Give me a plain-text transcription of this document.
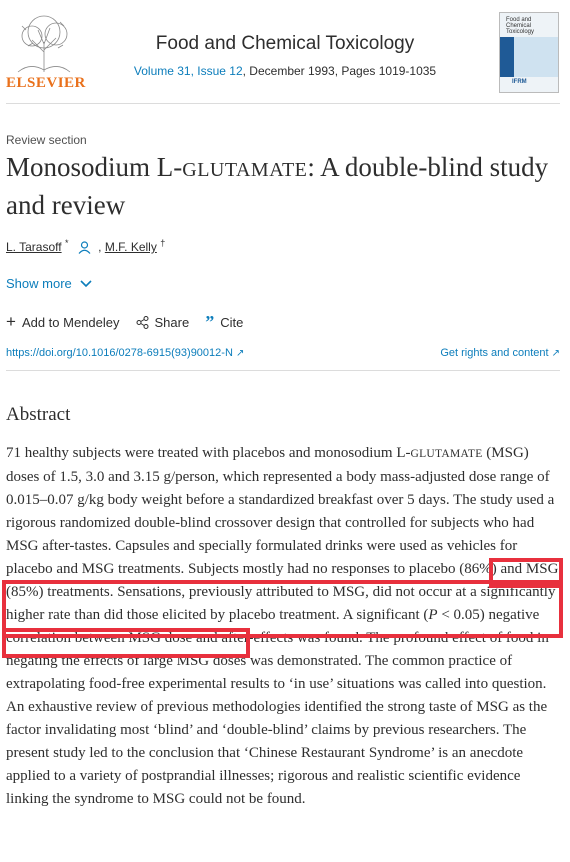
ELSEVIER
Food and Chemical Toxicology
Volume 31, Issue 12, December 1993, Pages 1019-1035
Food and Chemical Toxicology
IFRM
Review section
Monosodium L-GLUTAMATE: A double-blind study and review
L. Tarasoff * , M.F. Kelly †
Show more
+ Add to Mendeley	Share ” Cite
https://doi.org/10.1016/0278-6915(93)90012-N ↗	Get rights and content ↗
Abstract
71 healthy subjects were treated with placebos and monosodium L-GLUTAMATE (MSG) doses of 1.5, 3.0 and 3.15 g/person, which represented a body mass-adjusted dose range of 0.015–0.07 g/kg body weight before a standardized breakfast over 5 days. The study used a rigorous randomized double-blind crossover design that controlled for subjects who had MSG after-tastes. Capsules and specially formulated drinks were used as vehicles for placebo and MSG treatments. Subjects mostly had no responses to placebo (86%) and MSG (85%) treatments. Sensations, previously attributed to MSG, did not occur at a significantly higher rate than did those elicited by placebo treatment. A significant (P < 0.05) negative correlation between MSG dose and after-effects was found. The profound effect of food in negating the effects of large MSG doses was demonstrated. The common practice of extrapolating food-free experimental results to ‘in use’ situations was called into question. An exhaustive review of previous methodologies identified the strong taste of MSG as the factor invalidating most ‘blind’ and ‘double-blind’ claims by previous researchers. The present study led to the conclusion that ‘Chinese Restaurant Syndrome’ is an anecdote applied to a variety of postprandial illnesses; rigorous and realistic scientific evidence linking the syndrome to MSG could not be found.
